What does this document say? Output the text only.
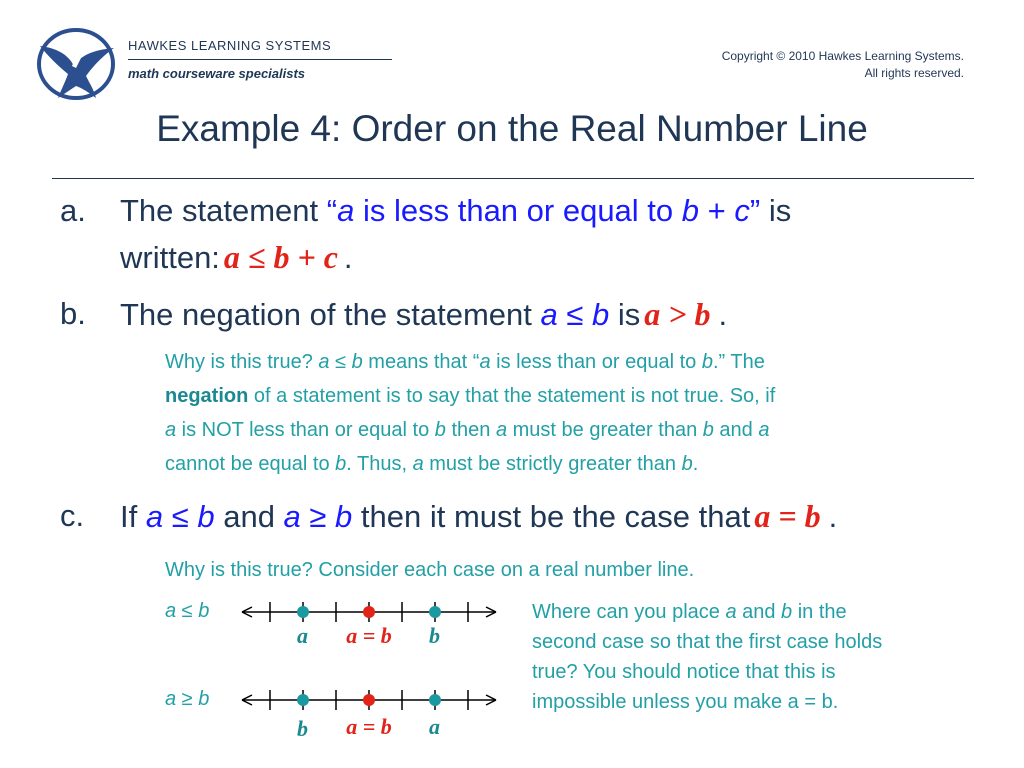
HAWKES LEARNING SYSTEMS
math courseware specialists
Copyright © 2010 Hawkes Learning Systems.
All rights reserved.
Example 4: Order on the Real Number Line
a. The statement “a is less than or equal to b + c” is
written: a ≤ b + c .
b. The negation of the statement a ≤ b is a > b .
Why is this true? a ≤ b means that “a is less than or equal to b.” The
negation of a statement is to say that the statement is not true. So, if
a is NOT less than or equal to b then a must be greater than b and a
cannot be equal to b. Thus, a must be strictly greater than b.
c. If a ≤ b and a ≥ b then it must be the case that a = b .
Why is this true? Consider each case on a real number line.
a ≤ b
a a = b b
a ≥ b
b a = b a
Where can you place a and b in the
second case so that the first case holds
true? You should notice that this is
impossible unless you make a = b.
